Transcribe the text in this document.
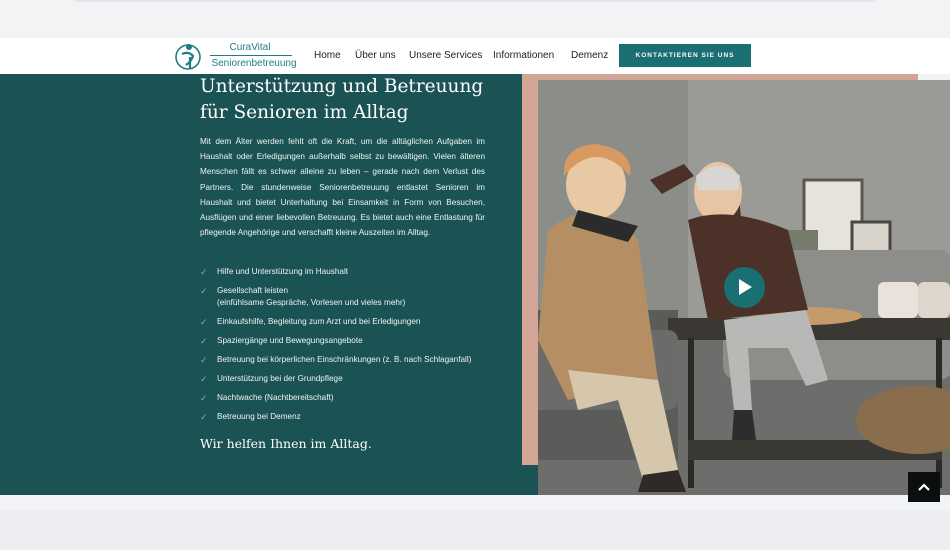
CuraVital
Seniorenbetreuung
Home Über uns Unsere Services Informationen Demenz	KONTAKTIEREN SIE UNS
Unterstützung und Betreuung
für Senioren im Alltag

Mit dem Älter werden fehlt oft die Kraft, um die alltäglichen Aufgaben im Haushalt oder Erledigungen außerhalb selbst zu bewältigen. Vielen älteren Menschen fällt es schwer alleine zu leben – gerade nach dem Verlust des Partners. Die stundenweise Seniorenbetreuung entlastet Senioren im Haushalt und bietet Unterhaltung bei Einsamkeit in Form von Besuchen, Ausflügen und einer liebevollen Betreuung. Es bietet auch eine Entlastung für pflegende Angehörige und verschafft kleine Auszeiten im Alltag.

✓	Hilfe und Unterstützung im Haushalt
✓	Gesellschaft leisten
(einfühlsame Gespräche, Vorlesen und vieles mehr)
✓	Einkaufshilfe, Begleitung zum Arzt und bei Erledigungen
✓	Spaziergänge und Bewegungsangebote
✓	Betreuung bei körperlichen Einschränkungen (z. B. nach Schlaganfall)
✓	Unterstützung bei der Grundpflege
✓	Nachtwache (Nachtbereitschaft)
✓	Betreuung bei Demenz
Wir helfen Ihnen im Alltag.
